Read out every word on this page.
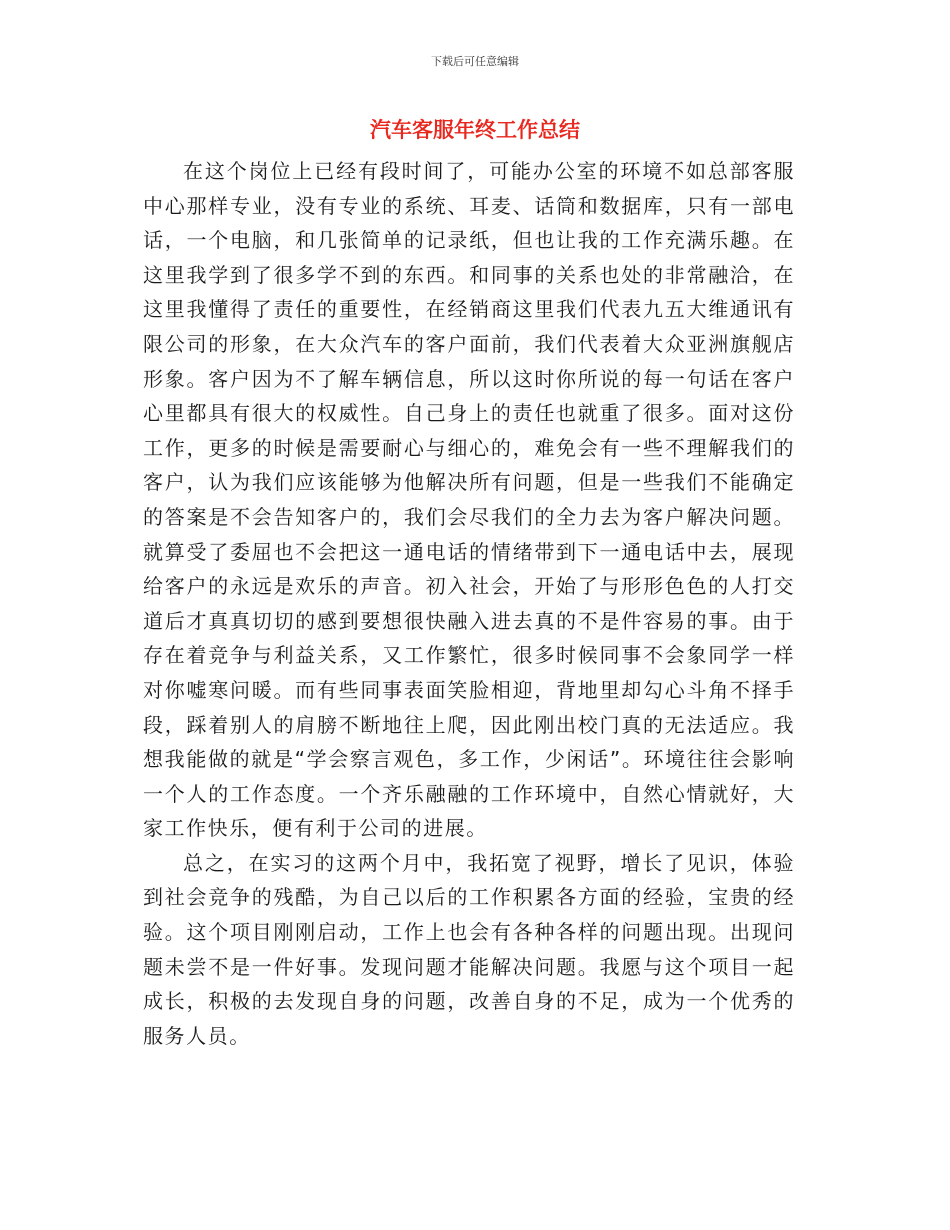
下载后可任意编辑
汽车客服年终工作总结

在这个岗位上已经有段时间了，可能办公室的环境不如总部客服中心那样专业，没有专业的系统、耳麦、话筒和数据库，只有一部电话，一个电脑，和几张简单的记录纸，但也让我的工作充满乐趣。在这里我学到了很多学不到的东西。和同事的关系也处的非常融洽，在这里我懂得了责任的重要性，在经销商这里我们代表九五大维通讯有限公司的形象，在大众汽车的客户面前，我们代表着大众亚洲旗舰店形象。客户因为不了解车辆信息，所以这时你所说的每一句话在客户心里都具有很大的权威性。自己身上的责任也就重了很多。面对这份工作，更多的时候是需要耐心与细心的，难免会有一些不理解我们的客户，认为我们应该能够为他解决所有问题，但是一些我们不能确定的答案是不会告知客户的，我们会尽我们的全力去为客户解决问题。就算受了委屈也不会把这一通电话的情绪带到下一通电话中去，展现给客户的永远是欢乐的声音。初入社会，开始了与形形色色的人打交道后才真真切切的感到要想很快融入进去真的不是件容易的事。由于存在着竞争与利益关系，又工作繁忙，很多时候同事不会象同学一样对你嘘寒问暖。而有些同事表面笑脸相迎，背地里却勾心斗角不择手段，踩着别人的肩膀不断地往上爬，因此刚出校门真的无法适应。我想我能做的就是“学会察言观色，多工作，少闲话”。环境往往会影响一个人的工作态度。一个齐乐融融的工作环境中，自然心情就好，大家工作快乐，便有利于公司的进展。

总之，在实习的这两个月中，我拓宽了视野，增长了见识，体验到社会竞争的残酷，为自己以后的工作积累各方面的经验，宝贵的经验。这个项目刚刚启动，工作上也会有各种各样的问题出现。出现问题未尝不是一件好事。发现问题才能解决问题。我愿与这个项目一起成长，积极的去发现自身的问题，改善自身的不足，成为一个优秀的服务人员。
